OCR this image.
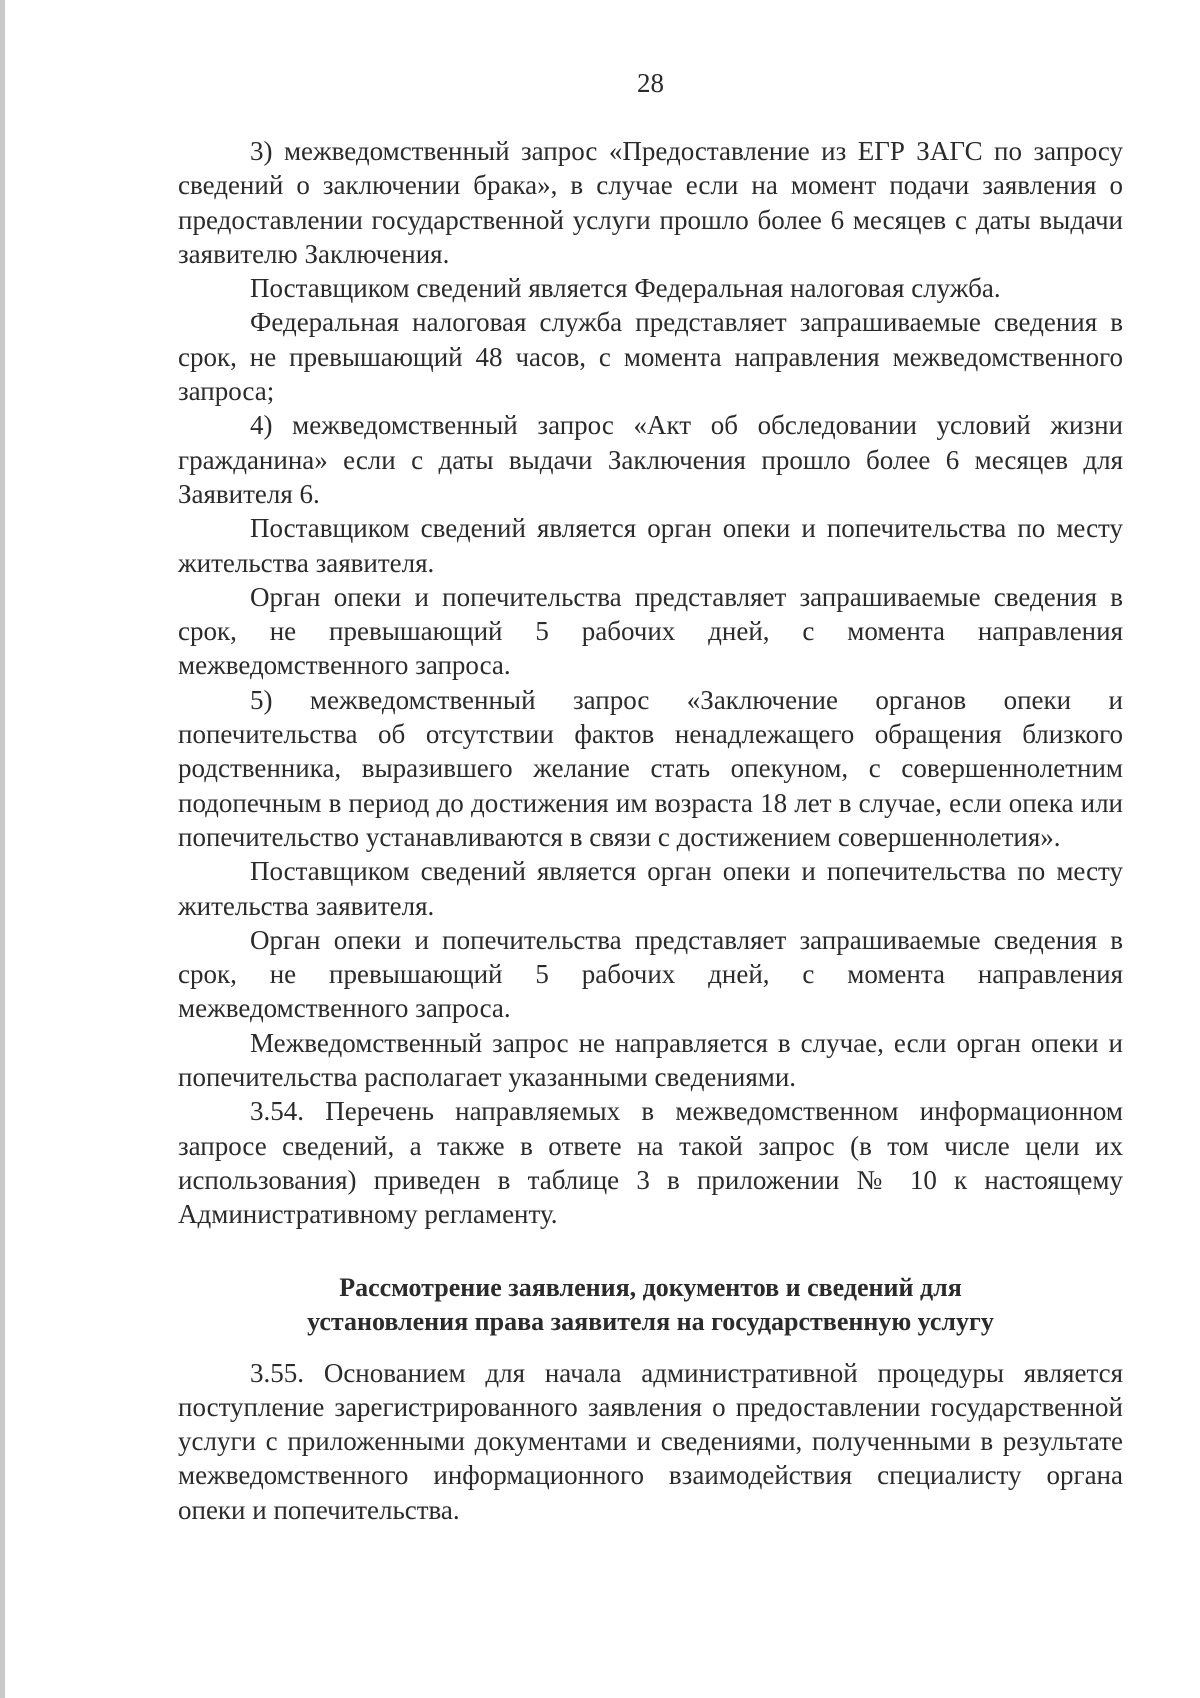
28

3) межведомственный запрос «Предоставление из ЕГР ЗАГС по запросу сведений о заключении брака», в случае если на момент подачи заявления о предоставлении государственной услуги прошло более 6 месяцев с даты выдачи заявителю Заключения.

Поставщиком сведений является Федеральная налоговая служба.

Федеральная налоговая служба представляет запрашиваемые сведения в срок, не превышающий 48 часов, с момента направления межведомственного запроса;

4) межведомственный запрос «Акт об обследовании условий жизни гражданина» если с даты выдачи Заключения прошло более 6 месяцев для Заявителя 6.

Поставщиком сведений является орган опеки и попечительства по месту жительства заявителя.

Орган опеки и попечительства представляет запрашиваемые сведения в срок, не превышающий 5 рабочих дней, с момента направления межведомственного запроса.

5) межведомственный запрос «Заключение органов опеки и попечительства об отсутствии фактов ненадлежащего обращения близкого родственника, выразившего желание стать опекуном, с совершеннолетним подопечным в период до достижения им возраста 18 лет в случае, если опека или попечительство устанавливаются в связи с достижением совершеннолетия».

Поставщиком сведений является орган опеки и попечительства по месту жительства заявителя.

Орган опеки и попечительства представляет запрашиваемые сведения в срок, не превышающий 5 рабочих дней, с момента направления межведомственного запроса.

Межведомственный запрос не направляется в случае, если орган опеки и попечительства располагает указанными сведениями.

3.54. Перечень направляемых в межведомственном информационном запросе сведений, а также в ответе на такой запрос (в том числе цели их использования) приведен в таблице 3 в приложении № 10 к настоящему Административному регламенту.

Рассмотрение заявления, документов и сведений для
установления права заявителя на государственную услугу

3.55. Основанием для начала административной процедуры является поступление зарегистрированного заявления о предоставлении государственной услуги с приложенными документами и сведениями, полученными в результате межведомственного информационного взаимодействия специалисту органа опеки и попечительства.
